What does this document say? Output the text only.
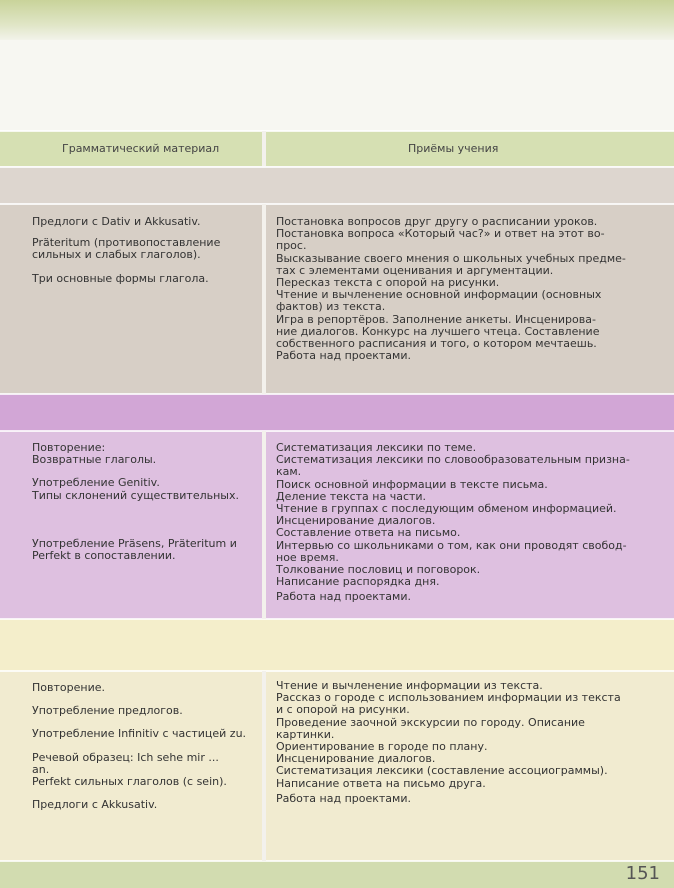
Грамматический материал	Приёмы учения

Предлоги с Dativ и Akkusativ.

Präteritum (противопоставление
сильных и слабых глаголов).

Три основные формы глагола.

Постановка вопросов друг другу о расписании уроков.

Постановка вопроса «Который час?» и ответ на этот во-
прос.

Высказывание своего мнения о школьных учебных предме-
тах с элементами оценивания и аргументации.

Пересказ текста с опорой на рисунки.

Чтение и вычленение основной информации (основных
фактов) из текста.

Игра в репортёров. Заполнение анкеты. Инсценирова-
ние диалогов. Конкурс на лучшего чтеца. Составление
собственного расписания и того, о котором мечтаешь.

Работа над проектами.

Повторение:
Возвратные глаголы.

Употребление Genitiv.
Типы склонений существительных.

Употребление Präsens, Präteritum и
Perfekt в сопоставлении.

Систематизация лексики по теме.

Систематизация лексики по словообразовательным призна-
кам.

Поиск основной информации в тексте письма.

Деление текста на части.

Чтение в группах с последующим обменом информацией.

Инсценирование диалогов.

Составление ответа на письмо.

Интервью со школьниками о том, как они проводят свобод-
ное время.

Толкование пословиц и поговорок.

Написание распорядка дня.

Работа над проектами.

Повторение.

Употребление предлогов.

Употребление Infinitiv с частицей zu.

Речевой образец: Ich sehe mir ...
an.
Perfekt сильных глаголов (с sein).

Предлоги с Akkusativ.

Чтение и вычленение информации из текста.

Рассказ о городе с использованием информации из текста
и с опорой на рисунки.

Проведение заочной экскурсии по городу. Описание
картинки.

Ориентирование в городе по плану.

Инсценирование диалогов.

Систематизация лексики (составление ассоциограммы).

Написание ответа на письмо друга.

Работа над проектами.

151
